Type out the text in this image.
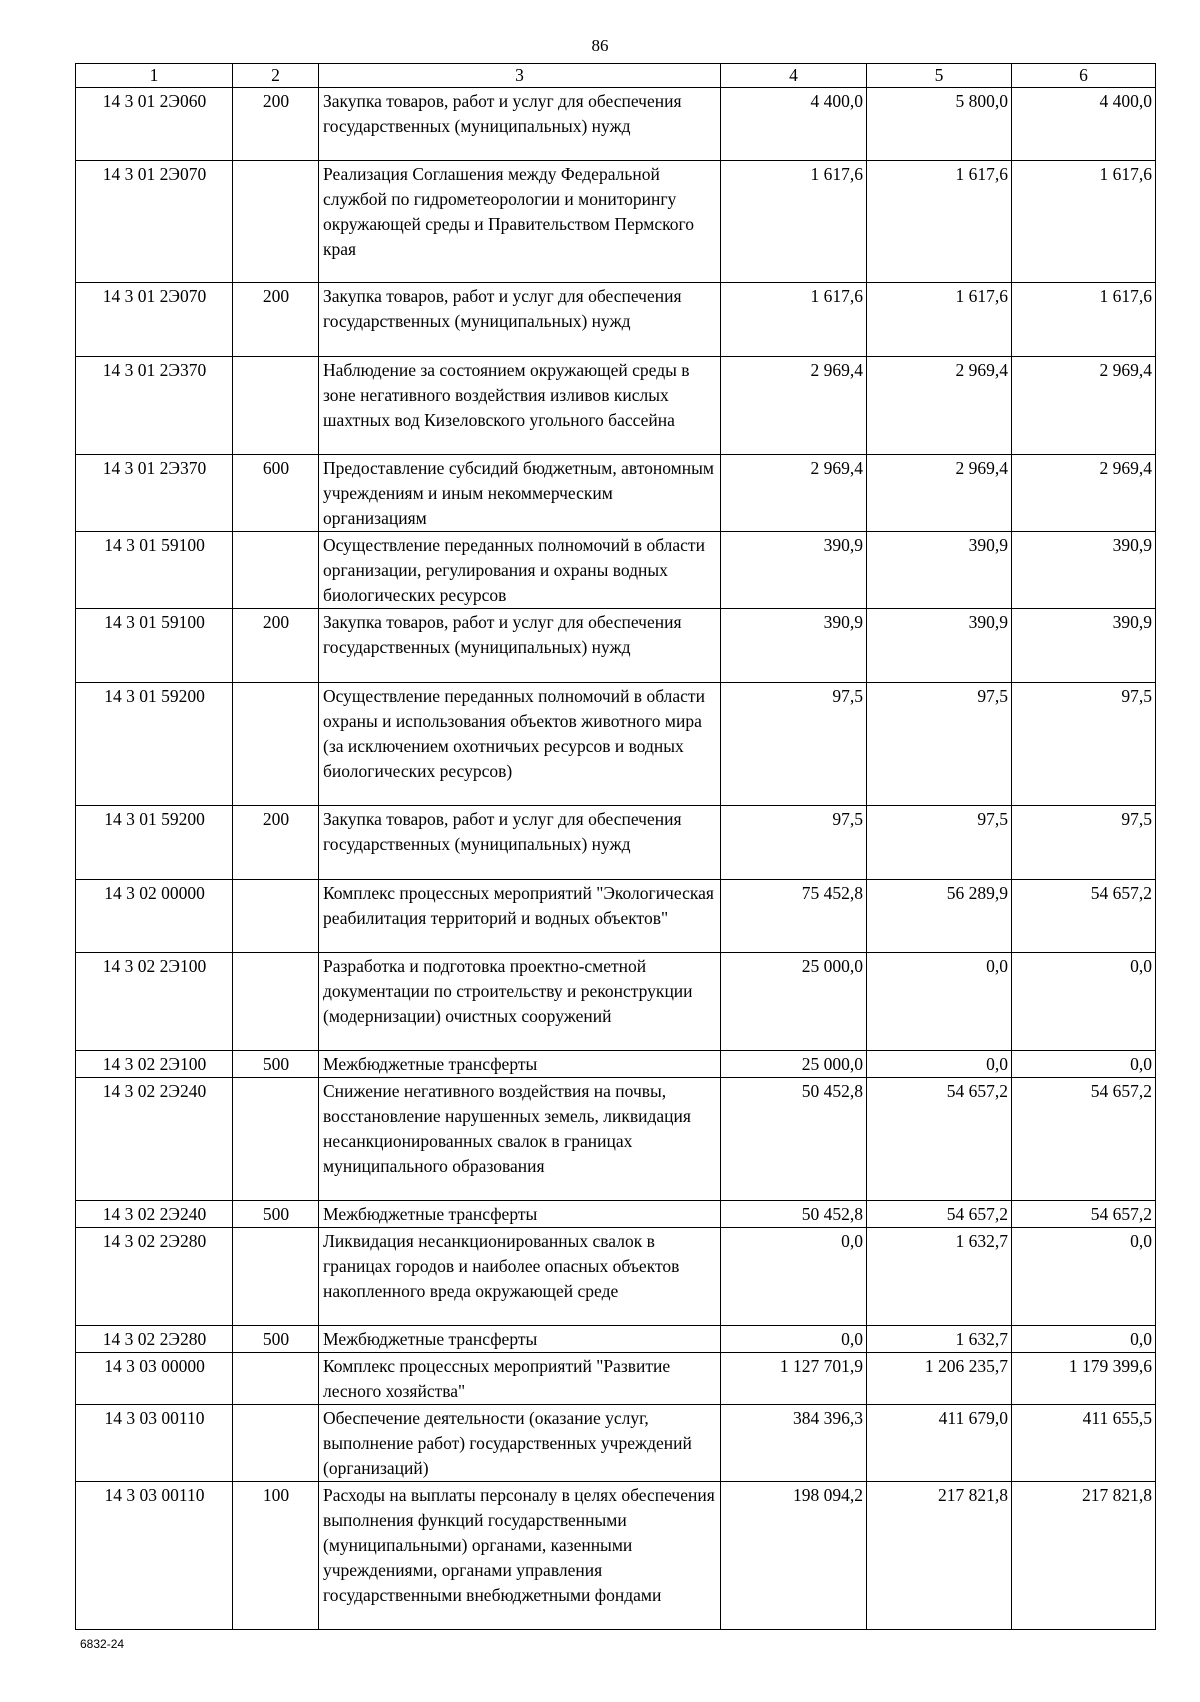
86
1	2	3	4	5	6
14 3 01 2Э060	200	Закупка товаров, работ и услуг для обеспечения государственных (муниципальных) нужд	4 400,0	5 800,0	4 400,0
14 3 01 2Э070		Реализация Соглашения между Федеральной службой по гидрометеорологии и мониторингу окружающей среды и Правительством Пермского края	1 617,6	1 617,6	1 617,6
14 3 01 2Э070	200	Закупка товаров, работ и услуг для обеспечения государственных (муниципальных) нужд	1 617,6	1 617,6	1 617,6
14 3 01 2Э370		Наблюдение за состоянием окружающей среды в зоне негативного воздействия изливов кислых шахтных вод Кизеловского угольного бассейна	2 969,4	2 969,4	2 969,4
14 3 01 2Э370	600	Предоставление субсидий бюджетным, автономным учреждениям и иным некоммерческим организациям	2 969,4	2 969,4	2 969,4
14 3 01 59100		Осуществление переданных полномочий в области организации, регулирования и охраны водных биологических ресурсов	390,9	390,9	390,9
14 3 01 59100	200	Закупка товаров, работ и услуг для обеспечения государственных (муниципальных) нужд	390,9	390,9	390,9
14 3 01 59200		Осуществление переданных полномочий в области охраны и использования объектов животного мира (за исключением охотничьих ресурсов и водных биологических ресурсов)	97,5	97,5	97,5
14 3 01 59200	200	Закупка товаров, работ и услуг для обеспечения государственных (муниципальных) нужд	97,5	97,5	97,5
14 3 02 00000		Комплекс процессных мероприятий "Экологическая реабилитация территорий и водных объектов"	75 452,8	56 289,9	54 657,2
14 3 02 2Э100		Разработка и подготовка проектно-сметной документации по строительству и реконструкции (модернизации) очистных сооружений	25 000,0	0,0	0,0
14 3 02 2Э100	500	Межбюджетные трансферты	25 000,0	0,0	0,0
14 3 02 2Э240		Снижение негативного воздействия на почвы, восстановление нарушенных земель, ликвидация несанкционированных свалок в границах муниципального образования	50 452,8	54 657,2	54 657,2
14 3 02 2Э240	500	Межбюджетные трансферты	50 452,8	54 657,2	54 657,2
14 3 02 2Э280		Ликвидация несанкционированных свалок в границах городов и наиболее опасных объектов накопленного вреда окружающей среде	0,0	1 632,7	0,0
14 3 02 2Э280	500	Межбюджетные трансферты	0,0	1 632,7	0,0
14 3 03 00000		Комплекс процессных мероприятий "Развитие лесного хозяйства"	1 127 701,9	1 206 235,7	1 179 399,6
14 3 03 00110		Обеспечение деятельности (оказание услуг, выполнение работ) государственных учреждений (организаций)	384 396,3	411 679,0	411 655,5
14 3 03 00110	100	Расходы на выплаты персоналу в целях обеспечения выполнения функций государственными (муниципальными) органами, казенными учреждениями, органами управления государственными внебюджетными фондами	198 094,2	217 821,8	217 821,8
6832-24
